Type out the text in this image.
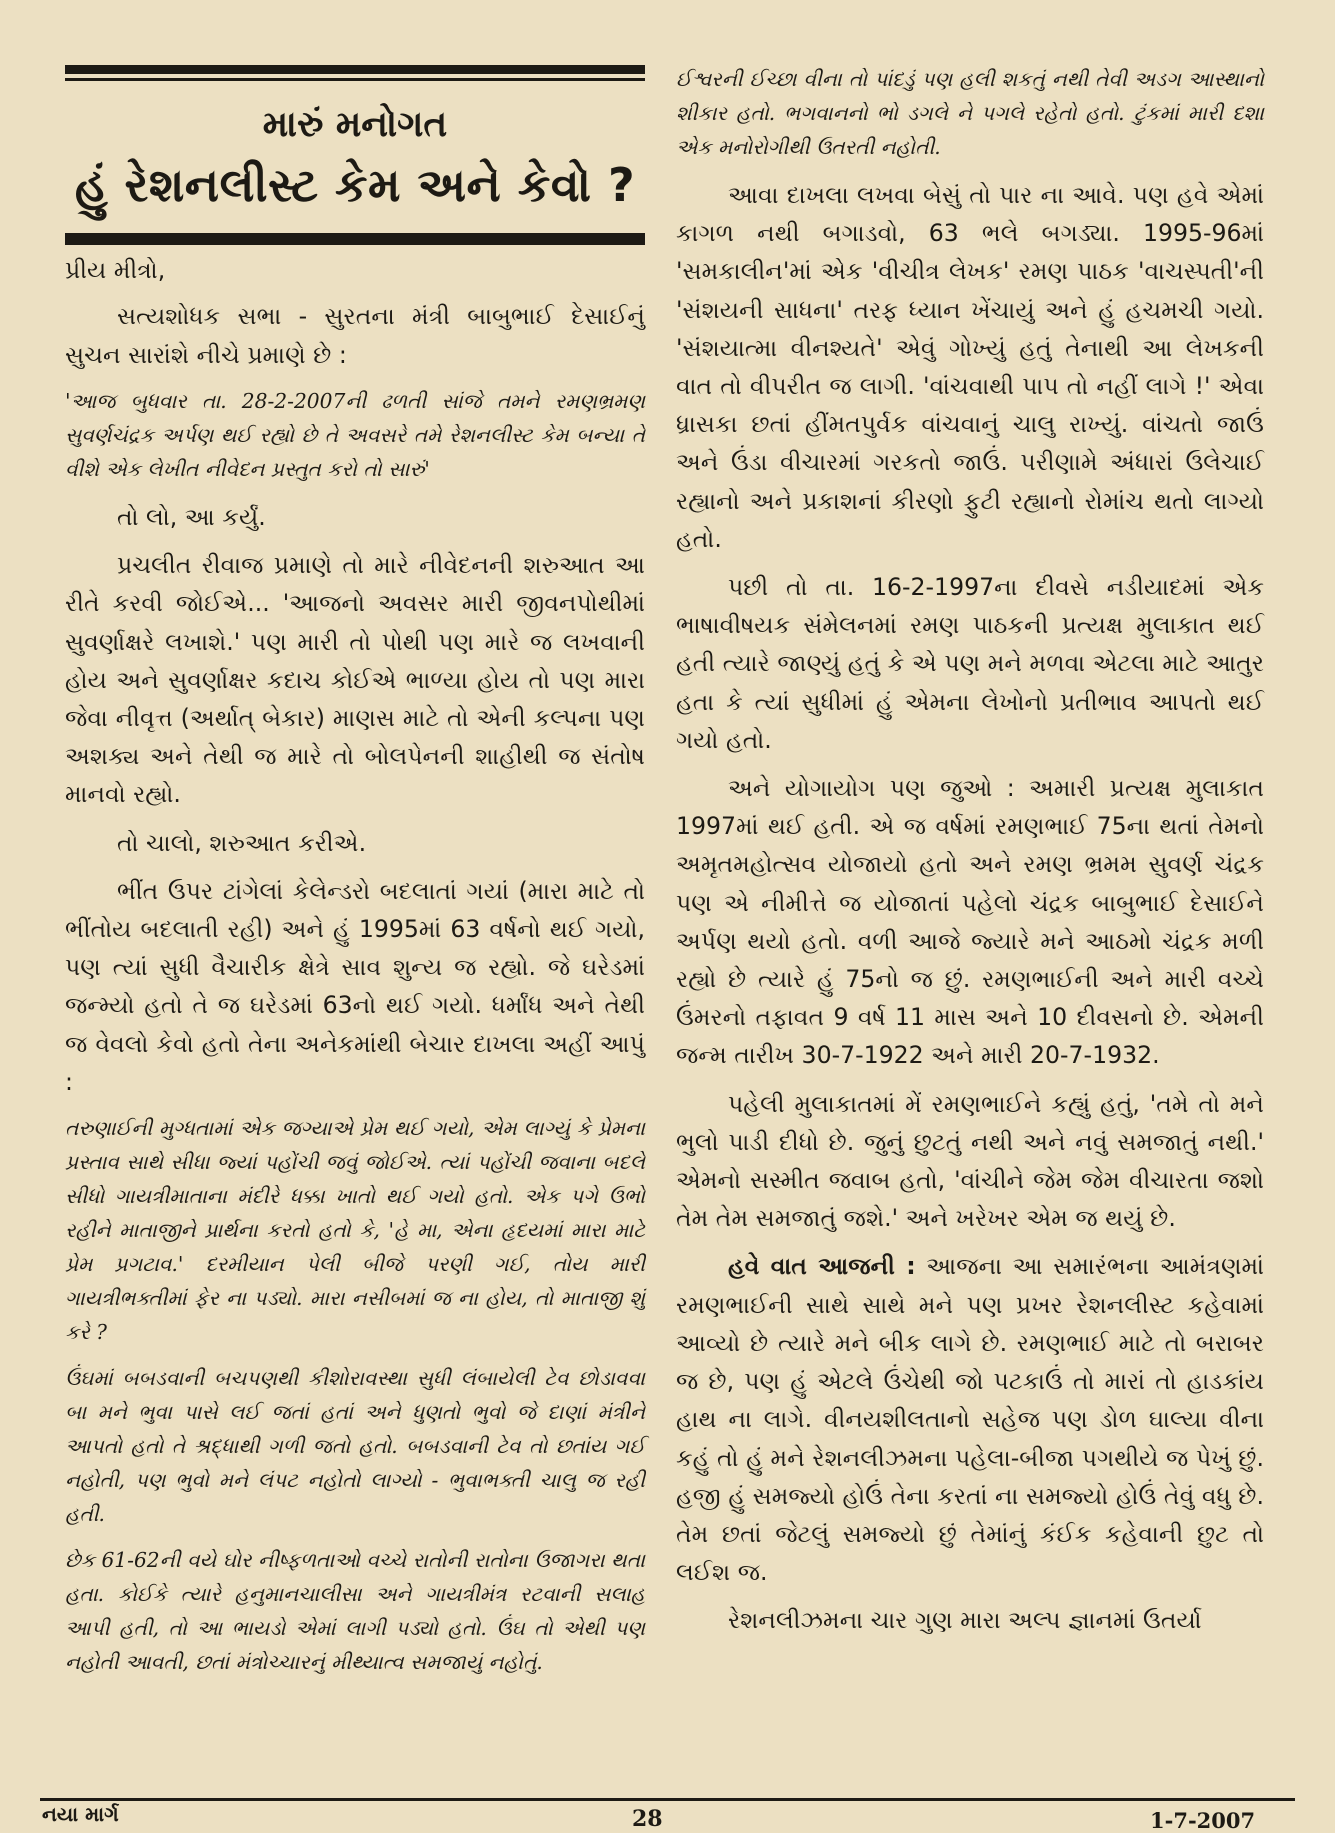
મારું મનોગત
હું રેશનલીસ્ટ કેમ અને કેવો ?
પ્રીય મીત્રો,

સત્યશોધક સભા - સુરતના મંત્રી બાબુભાઈ દેસાઈનું સુચન સારાંશે નીચે પ્રમાણે છે :

'આજ બુધવાર તા. 28-2-2007ની ઢળતી સાંજે તમને રમણભ્રમણ સુવર્ણચંદ્રક અર્પણ થઈ રહ્યો છે તે અવસરે તમે રેશનલીસ્ટ કેમ બન્યા તે વીશે એક લેખીત નીવેદન પ્રસ્તુત કરો તો સારું'

તો લો, આ કર્યું.

પ્રચલીત રીવાજ પ્રમાણે તો મારે નીવેદનની શરુઆત આ રીતે કરવી જોઈએ... 'આજનો અવસર મારી જીવનપોથીમાં સુવર્ણાક્ષરે લખાશે.' પણ મારી તો પોથી પણ મારે જ લખવાની હોય અને સુવર્ણાક્ષર કદાચ કોઈએ ભાળ્યા હોય તો પણ મારા જેવા નીવૃત્ત (અર્થાત્ બેકાર) માણસ માટે તો એની કલ્પના પણ અશક્ય અને તેથી જ મારે તો બોલપેનની શાહીથી જ સંતોષ માનવો રહ્યો.

તો ચાલો, શરુઆત કરીએ.

ભીંત ઉપર ટાંગેલાં કેલેન્ડરો બદલાતાં ગયાં (મારા માટે તો ભીંતોય બદલાતી રહી) અને હું 1995માં 63 વર્ષનો થઈ ગયો, પણ ત્યાં સુધી વૈચારીક ક્ષેત્રે સાવ શુન્ય જ રહ્યો. જે ઘરેડમાં જન્મ્યો હતો તે જ ઘરેડમાં 63નો થઈ ગયો. ધર્માંધ અને તેથી જ વેવલો કેવો હતો તેના અનેકમાંથી બેચાર દાખલા અહીં આપું :

તરુણાઈની મુગ્ધતામાં એક જગ્યાએ પ્રેમ થઈ ગયો, એમ લાગ્યું કે પ્રેમના પ્રસ્તાવ સાથે સીધા જ્યાં પહોંચી જવું જોઈએ. ત્યાં પહોંચી જવાના બદલે સીધો ગાયત્રીમાતાના મંદીરે ધક્કા ખાતો થઈ ગયો હતો. એક પગે ઉભો રહીને માતાજીને પ્રાર્થના કરતો હતો કે, 'હે મા, એના હૃદયમાં મારા માટે પ્રેમ પ્રગટાવ.' દરમીયાન પેલી બીજે પરણી ગઈ, તોય મારી ગાયત્રીભક્તીમાં ફેર ના પડ્યો. મારા નસીબમાં જ ના હોય, તો માતાજી શું કરે ?

ઉંઘમાં બબડવાની બચપણથી કીશોરાવસ્થા સુધી લંબાયેલી ટેવ છોડાવવા બા મને ભુવા પાસે લઈ જતાં હતાં અને ધુણતો ભુવો જે દાણાં મંત્રીને આપતો હતો તે શ્રદ્ધાથી ગળી જતો હતો. બબડવાની ટેવ તો છતાંય ગઈ નહોતી, પણ ભુવો મને લંપટ નહોતો લાગ્યો - ભુવાભક્તી ચાલુ જ રહી હતી.

છેક 61-62ની વયે ઘોર નીષ્ફળતાઓ વચ્ચે રાતોની રાતોના ઉજાગરા થતા હતા. કોઈકે ત્યારે હનુમાનચાલીસા અને ગાયત્રીમંત્ર રટવાની સલાહ આપી હતી, તો આ ભાયડો એમાં લાગી પડ્યો હતો. ઉંઘ તો એથી પણ નહોતી આવતી, છતાં મંત્રોચ્ચારનું મીથ્યાત્વ સમજાયું નહોતું.

ઈશ્વરની ઈચ્છા વીના તો પાંદડું પણ હલી શકતું નથી તેવી અડગ આસ્થાનો શીકાર હતો. ભગવાનનો ભો ડગલે ને પગલે રહેતો હતો. ટુંકમાં મારી દશા એક મનોરોગીથી ઉતરતી નહોતી.

આવા દાખલા લખવા બેસું તો પાર ના આવે. પણ હવે એમાં કાગળ નથી બગાડવો, 63 ભલે બગડ્યા. 1995-96માં 'સમકાલીન'માં એક 'વીચીત્ર લેખક' રમણ પાઠક 'વાચસ્પતી'ની 'સંશયની સાધના' તરફ ધ્યાન ખેંચાયું અને હું હચમચી ગયો. 'સંશયાત્મા વીનશ્યતે' એવું ગોખ્યું હતું તેનાથી આ લેખકની વાત તો વીપરીત જ લાગી. 'વાંચવાથી પાપ તો નહીં લાગે !' એવા ધ્રાસકા છતાં હીંમતપુર્વક વાંચવાનું ચાલુ રાખ્યું. વાંચતો જાઉં અને ઉંડા વીચારમાં ગરકતો જાઉં. પરીણામે અંધારાં ઉલેચાઈ રહ્યાનો અને પ્રકાશનાં કીરણો ફુટી રહ્યાનો રોમાંચ થતો લાગ્યો હતો.

પછી તો તા. 16-2-1997ના દીવસે નડીયાદમાં એક ભાષાવીષયક સંમેલનમાં રમણ પાઠકની પ્રત્યક્ષ મુલાકાત થઈ હતી ત્યારે જાણ્યું હતું કે એ પણ મને મળવા એટલા માટે આતુર હતા કે ત્યાં સુધીમાં હું એમના લેખોનો પ્રતીભાવ આપતો થઈ ગયો હતો.

અને યોગાયોગ પણ જુઓ : અમારી પ્રત્યક્ષ મુલાકાત 1997માં થઈ હતી. એ જ વર્ષમાં રમણભાઈ 75ના થતાં તેમનો અમૃતમહોત્સવ યોજાયો હતો અને રમણ ભ્રમમ સુવર્ણ ચંદ્રક પણ એ નીમીત્તે જ યોજાતાં પહેલો ચંદ્રક બાબુભાઈ દેસાઈને અર્પણ થયો હતો. વળી આજે જ્યારે મને આઠમો ચંદ્રક મળી રહ્યો છે ત્યારે હું 75નો જ છું. રમણભાઈની અને મારી વચ્ચે ઉંમરનો તફાવત 9 વર્ષ 11 માસ અને 10 દીવસનો છે. એમની જન્મ તારીખ 30-7-1922 અને મારી 20-7-1932.

પહેલી મુલાકાતમાં મેં રમણભાઈને કહ્યું હતું, 'તમે તો મને ભુલો પાડી દીધો છે. જુનું છુટતું નથી અને નવું સમજાતું નથી.' એમનો સસ્મીત જવાબ હતો, 'વાંચીને જેમ જેમ વીચારતા જશો તેમ તેમ સમજાતું જશે.' અને ખરેખર એમ જ થયું છે.

હવે વાત આજની : આજના આ સમારંભના આમંત્રણમાં રમણભાઈની સાથે સાથે મને પણ પ્રખર રેશનલીસ્ટ કહેવામાં આવ્યો છે ત્યારે મને બીક લાગે છે. રમણભાઈ માટે તો બરાબર જ છે, પણ હું એટલે ઉંચેથી જો પટકાઉં તો મારાં તો હાડકાંય હાથ ના લાગે. વીનયશીલતાનો સહેજ પણ ડોળ ઘાલ્યા વીના કહું તો હું મને રેશનલીઝમના પહેલા-બીજા પગથીયે જ પેખું છું. હજી હું સમજ્યો હોઉં તેના કરતાં ના સમજ્યો હોઉં તેવું વધુ છે. તેમ છતાં જેટલું સમજ્યો છું તેમાંનું કંઈક કહેવાની છુટ તો લઈશ જ.

રેશનલીઝમના ચાર ગુણ મારા અલ્પ જ્ઞાનમાં ઉતર્યા

નયા માર્ગ	28	1-7-2007
